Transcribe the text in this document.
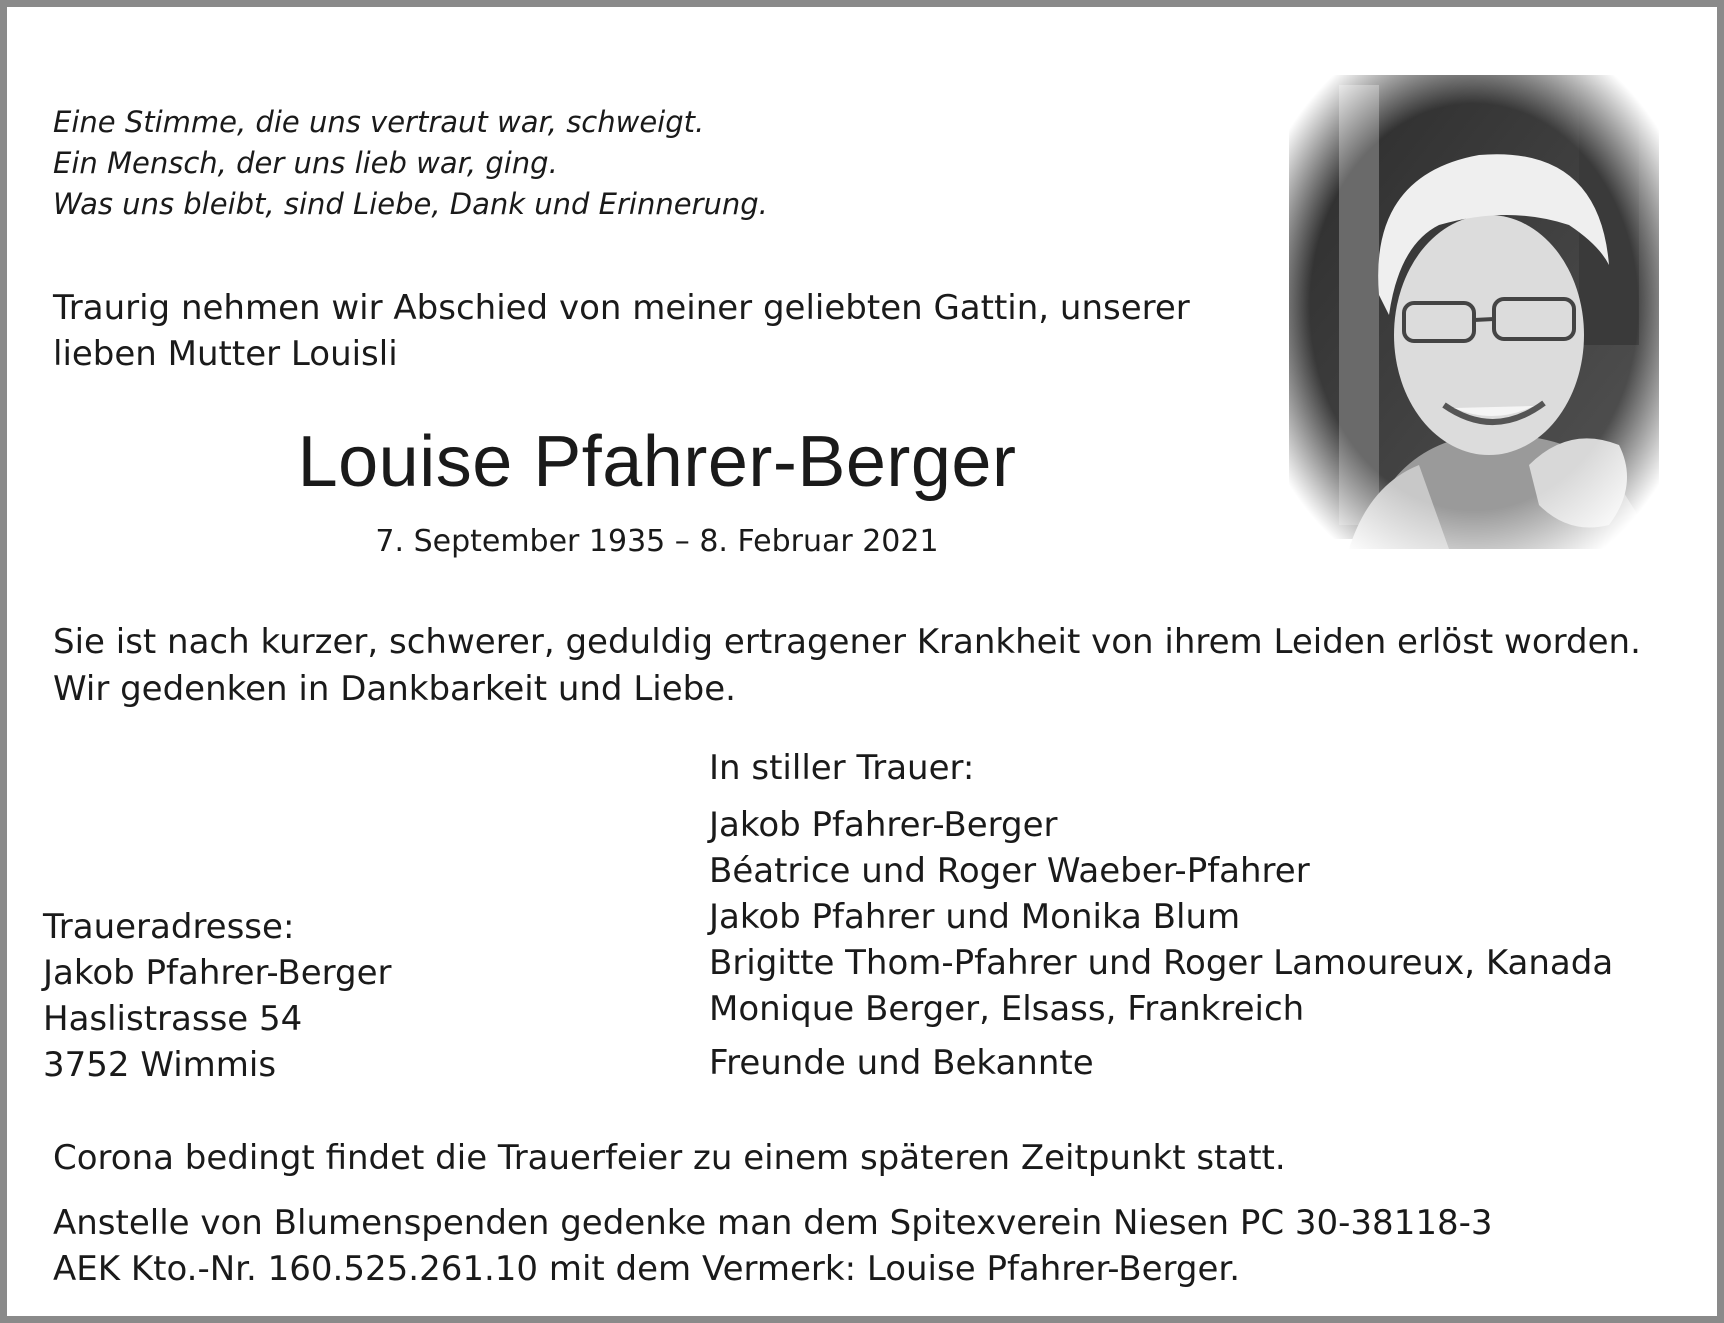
Eine Stimme, die uns vertraut war, schweigt.
Ein Mensch, der uns lieb war, ging.
Was uns bleibt, sind Liebe, Dank und Erinnerung.

Traurig nehmen wir Abschied von meiner geliebten Gattin, unserer
lieben Mutter Louisli

Louise Pfahrer-Berger

7. September 1935 – 8. Februar 2021

Sie ist nach kurzer, schwerer, geduldig ertragener Krankheit von ihrem Leiden erlöst worden.
Wir gedenken in Dankbarkeit und Liebe.

In stiller Trauer:

Jakob Pfahrer-Berger
Béatrice und Roger Waeber-Pfahrer
Jakob Pfahrer und Monika Blum
Brigitte Thom-Pfahrer und Roger Lamoureux, Kanada
Monique Berger, Elsass, Frankreich

Freunde und Bekannte

Traueradresse:
Jakob Pfahrer-Berger
Haslistrasse 54
3752 Wimmis

Corona bedingt findet die Trauerfeier zu einem späteren Zeitpunkt statt.

Anstelle von Blumenspenden gedenke man dem Spitexverein Niesen PC 30-38118-3
AEK Kto.-Nr. 160.525.261.10 mit dem Vermerk: Louise Pfahrer-Berger.
